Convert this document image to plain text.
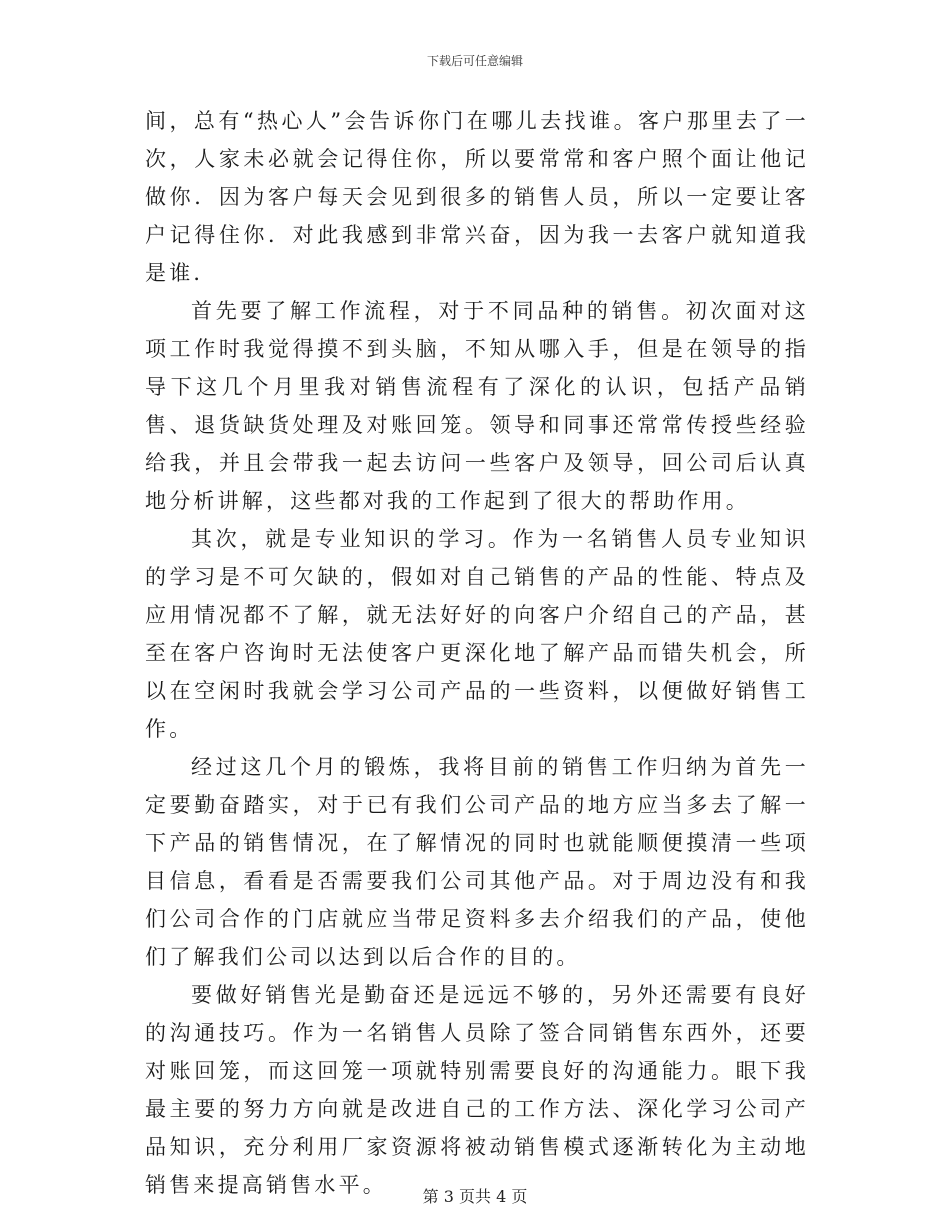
下载后可任意编辑

间，总有“热心人”会告诉你门在哪儿去找谁。客户那里去了一次，人家未必就会记得住你，所以要常常和客户照个面让他记做你．因为客户每天会见到很多的销售人员，所以一定要让客户记得住你．对此我感到非常兴奋，因为我一去客户就知道我是谁．

首先要了解工作流程，对于不同品种的销售。初次面对这项工作时我觉得摸不到头脑，不知从哪入手，但是在领导的指导下这几个月里我对销售流程有了深化的认识，包括产品销售、退货缺货处理及对账回笼。领导和同事还常常传授些经验给我，并且会带我一起去访问一些客户及领导，回公司后认真地分析讲解，这些都对我的工作起到了很大的帮助作用。

其次，就是专业知识的学习。作为一名销售人员专业知识的学习是不可欠缺的，假如对自己销售的产品的性能、特点及应用情况都不了解，就无法好好的向客户介绍自己的产品，甚至在客户咨询时无法使客户更深化地了解产品而错失机会，所以在空闲时我就会学习公司产品的一些资料，以便做好销售工作。

经过这几个月的锻炼，我将目前的销售工作归纳为首先一定要勤奋踏实，对于已有我们公司产品的地方应当多去了解一下产品的销售情况，在了解情况的同时也就能顺便摸清一些项目信息，看看是否需要我们公司其他产品。对于周边没有和我们公司合作的门店就应当带足资料多去介绍我们的产品，使他们了解我们公司以达到以后合作的目的。

要做好销售光是勤奋还是远远不够的，另外还需要有良好的沟通技巧。作为一名销售人员除了签合同销售东西外，还要对账回笼，而这回笼一项就特别需要良好的沟通能力。眼下我最主要的努力方向就是改进自己的工作方法、深化学习公司产品知识，充分利用厂家资源将被动销售模式逐渐转化为主动地销售来提高销售水平。	第 3 页共 4 页
